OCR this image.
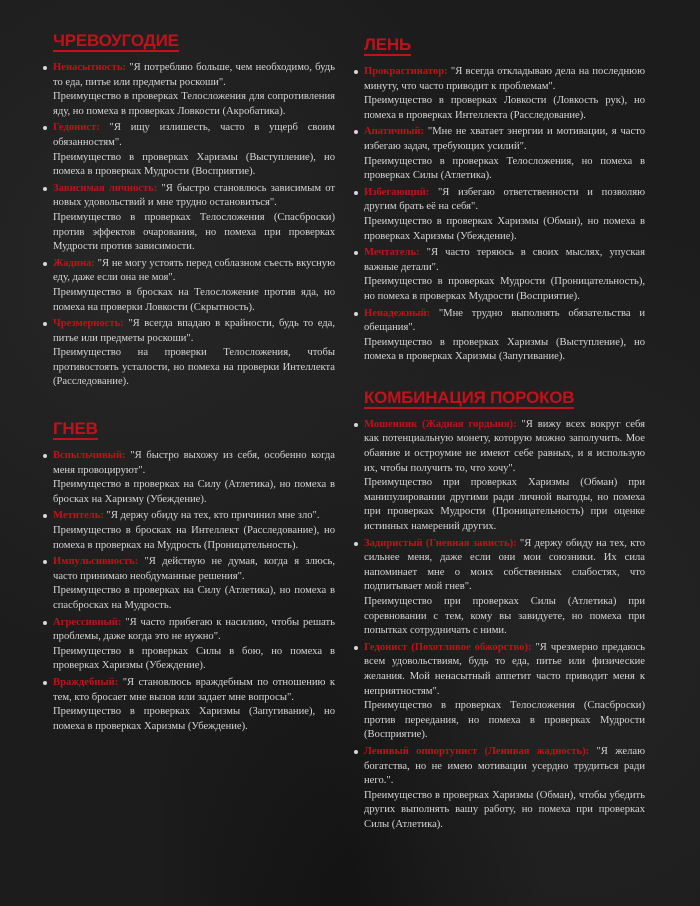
ЧРЕВОУГОДИЕ
Ненасытность: "Я потребляю больше, чем необходимо, будь то еда, питье или предметы роскоши".
Преимущество в проверках Телосложения для сопротивления яду, но помеха в проверках Ловкости (Акробатика).
Гедонист: "Я ищу излишесть, часто в ущерб своим обязанностям".
Преимущество в проверках Харизмы (Выступление), но помеха в проверках Мудрости (Восприятие).
Зависимая личность: "Я быстро становлюсь зависимым от новых удовольствий и мне трудно остановиться".
Преимущество в проверках Телосложения (Спасброски) против эффектов очарования, но помеха при проверках Мудрости против зависимости.
Жадина: "Я не могу устоять перед соблазном съесть вкусную еду, даже если она не моя".
Преимущество в бросках на Телосложение против яда, но помеха на проверки Ловкости (Скрытность).
Чрезмерность: "Я всегда впадаю в крайности, будь то еда, питье или предметы роскоши".
Преимущество на проверки Телосложения, чтобы противостоять усталости, но помеха на проверки Интеллекта (Расследование).
ГНЕВ
Вспыльчивый: "Я быстро выхожу из себя, особенно когда меня провоцируют".
Преимущество в проверках на Силу (Атлетика), но помеха в бросках на Харизму (Убеждение).
Метитель: "Я держу обиду на тех, кто причинил мне зло".
Преимущество в бросках на Интеллект (Расследование), но помеха в проверках на Мудрость (Проницательность).
Импульсивность: "Я действую не думая, когда я злюсь, часто принимаю необдуманные решения".
Преимущество в проверках на Силу (Атлетика), но помеха в спасбросках на Мудрость.
Агрессивный: "Я часто прибегаю к насилию, чтобы решать проблемы, даже когда это не нужно".
Преимущество в проверках Силы в бою, но помеха в проверках Харизмы (Убеждение).
Враждебный: "Я становлюсь враждебным по отношению к тем, кто бросает мне вызов или задает мне вопросы".
Преимущество в проверках Харизмы (Запугивание), но помеха в проверках Харизмы (Убеждение).
ЛЕНЬ
Прокрастинатор: "Я всегда откладываю дела на последнюю минуту, что часто приводит к проблемам".
Преимущество в проверках Ловкости (Ловкость рук), но помеха в проверках Интеллекта (Расследование).
Апатичный: "Мне не хватает энергии и мотивации, я часто избегаю задач, требующих усилий".
Преимущество в проверках Телосложения, но помеха в проверках Силы (Атлетика).
Избегающий: "Я избегаю ответственности и позволяю другим брать её на себя".
Преимущество в проверках Харизмы (Обман), но помеха в проверках Харизмы (Убеждение).
Мечтатель: "Я часто теряюсь в своих мыслях, упуская важные детали".
Преимущество в проверках Мудрости (Проницательность), но помеха в проверках Мудрости (Восприятие).
Ненадежный: "Мне трудно выполнять обязательства и обещания".
Преимущество в проверках Харизмы (Выступление), но помеха в проверках Харизмы (Запугивание).
КОМБИНАЦИЯ ПОРОКОВ
Мошенник (Жадная гордыня): "Я вижу всех вокруг себя как потенциальную монету, которую можно заполучить. Мое обаяние и остроумие не имеют себе равных, и я использую их, чтобы получить то, что хочу".
Преимущество при проверках Харизмы (Обман) при манипулировании другими ради личной выгоды, но помеха при проверках Мудрости (Проницательность) при оценке истинных намерений других.
Задиристый (Гневная зависть): "Я держу обиду на тех, кто сильнее меня, даже если они мои союзники. Их сила напоминает мне о моих собственных слабостях, что подпитывает мой гнев".
Преимущество при проверках Силы (Атлетика) при соревновании с тем, кому вы завидуете, но помеха при попытках сотрудничать с ними.
Гедонист (Похотливое обжорство): "Я чрезмерно предаюсь всем удовольствиям, будь то еда, питье или физические желания. Мой ненасытный аппетит часто приводит меня к неприятностям".
Преимущество в проверках Телосложения (Спасброски) против переедания, но помеха в проверках Мудрости (Восприятие).
Ленивый оппортунист (Ленивая жадность): "Я желаю богатства, но не имею мотивации усердно трудиться ради него.".
Преимущество в проверках Харизмы (Обман), чтобы убедить других выполнять вашу работу, но помеха при проверках Силы (Атлетика).
